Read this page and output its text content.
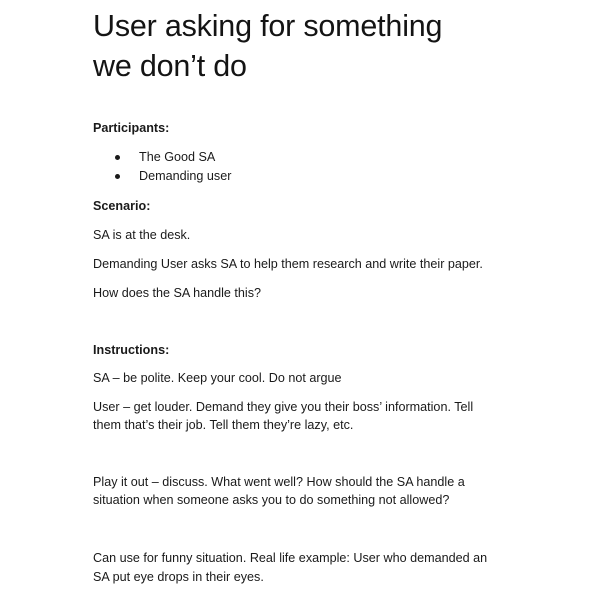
User asking for something
we don’t do

Participants:

The Good SA
Demanding user

Scenario:

SA is at the desk.

Demanding User asks SA to help them research and write their paper.

How does the SA handle this?

Instructions:

SA – be polite. Keep your cool. Do not argue

User – get louder. Demand they give you their boss’ information. Tell

them that’s their job. Tell them they’re lazy, etc.

Play it out – discuss. What went well? How should the SA handle a

situation when someone asks you to do something not allowed?

Can use for funny situation. Real life example: User who demanded an

SA put eye drops in their eyes.
